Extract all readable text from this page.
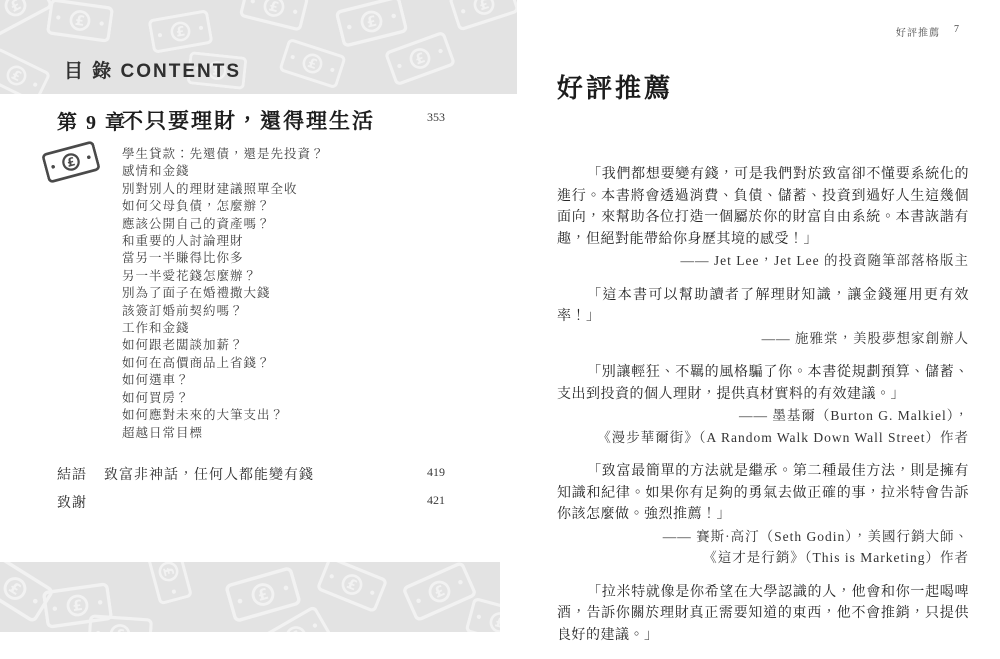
目 錄 CONTENTS
第 9 章
不只要理財，還得理生活	353
學生貸款：先還債，還是先投資？
感情和金錢
別對別人的理財建議照單全收
如何父母負債，怎麼辦？
應該公開自己的資產嗎？
和重要的人討論理財
當另一半賺得比你多
另一半愛花錢怎麼辦？
別為了面子在婚禮撒大錢
該簽訂婚前契約嗎？
工作和金錢
如何跟老闆談加薪？
如何在高價商品上省錢？
如何選車？
如何買房？
如何應對未來的大筆支出？
超越日常目標
結語 致富非神話，任何人都能變有錢	419
致謝	421
好評推薦 7
好評推薦

「我們都想要變有錢，可是我們對於致富卻不懂要系統化的進行。本書將會透過消費、負債、儲蓄、投資到過好人生這幾個面向，來幫助各位打造一個屬於你的財富自由系統。本書詼諧有趣，但絕對能帶給你身歷其境的感受！」

—— Jet Lee，Jet Lee 的投資隨筆部落格版主

「這本書可以幫助讀者了解理財知識，讓金錢運用更有效率！」

—— 施雅棠，美股夢想家創辦人

「別讓輕狂、不羈的風格騙了你。本書從規劃預算、儲蓄、支出到投資的個人理財，提供真材實料的有效建議。」

—— 墨基爾（Burton G. Malkiel），
《漫步華爾街》（A Random Walk Down Wall Street）作者

「致富最簡單的方法就是繼承。第二種最佳方法，則是擁有知識和紀律。如果你有足夠的勇氣去做正確的事，拉米特會告訴你該怎麼做。強烈推薦！」

—— 賽斯·高汀（Seth Godin），美國行銷大師、
《這才是行銷》（This is Marketing）作者

「拉米特就像是你希望在大學認識的人，他會和你一起喝啤酒，告訴你關於理財真正需要知道的東西，他不會推銷，只提供良好的建議。」
